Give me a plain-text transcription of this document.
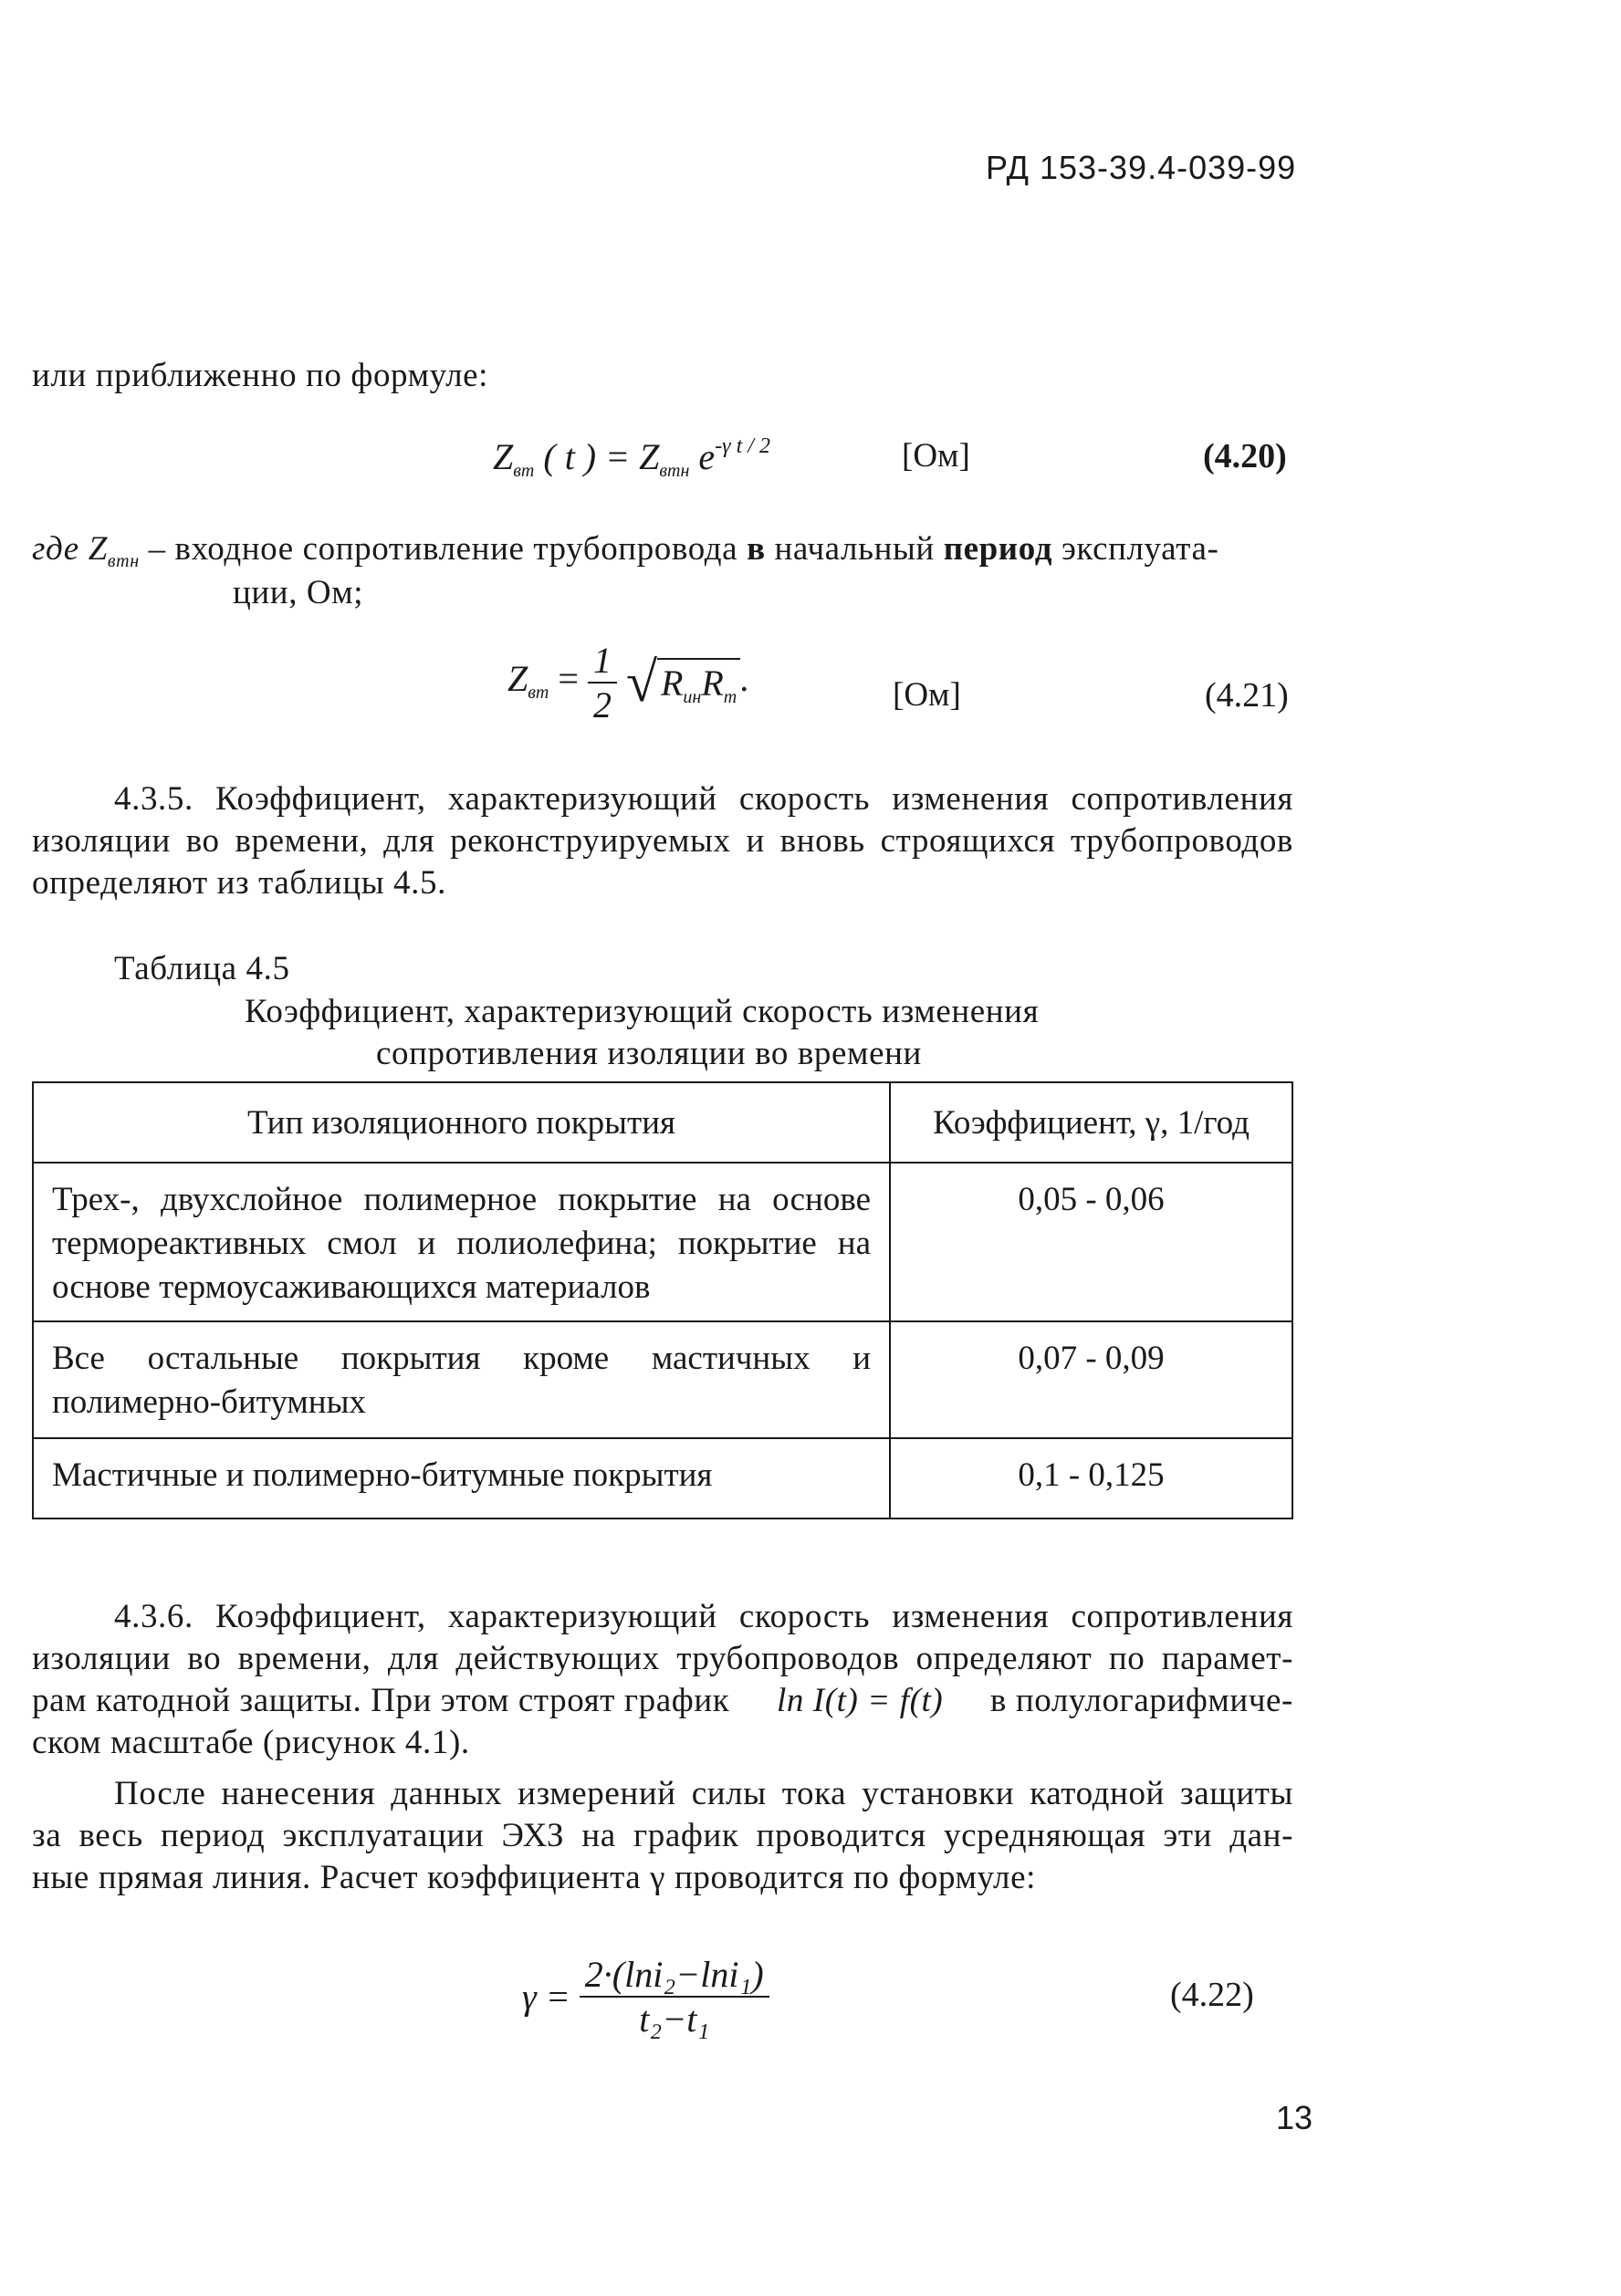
РД 153-39.4-039-99
или приближенно по формуле:
$Z_{вт}$ ( t ) = $Z_{втн}$ $e^{-\gamma t / 2}$	[Ом]	(4.20)
где $Z_{втн}$ – входное сопротивление трубопровода в начальный период эксплуата-
ции, Ом;
$Z_{вт} = \frac{1}{2}$ √ $R_{ин}R_т$ .	[Ом]	(4.21)
4.3.5. Коэффициент, характеризующий скорость изменения сопротивления
изоляции во времени, для реконструируемых и вновь строящихся трубопроводов
определяют из таблицы 4.5.
Таблица 4.5
Коэффициент, характеризующий скорость изменения
сопротивления изоляции во времени
Тип изоляционного покрытия	Коэффициент, γ, 1/год
Трех-, двухслойное полимерное покрытие на основе термореактивных смол и полиолефина; покрытие на основе термоусаживающихся материалов	0,05 - 0,06
Все остальные покрытия кроме мастичных и полимерно-битумных	0,07 - 0,09
Мастичные и полимерно-битумные покрытия	0,1 - 0,125
4.3.6. Коэффициент, характеризующий скорость изменения сопротивления
изоляции во времени, для действующих трубопроводов определяют по парамет-
рам катодной защиты. При этом строят график ln I(t) = f(t) в полулогарифмиче-
ском масштабе (рисунок 4.1).
После нанесения данных измерений силы тока установки катодной защиты
за весь период эксплуатации ЭХЗ на график проводится усредняющая эти дан-
ные прямая линия. Расчет коэффициента γ проводится по формуле:
$\gamma = \frac{\text{2·(lni₂−lni₁)}}{\text{t₂−t₁}}$	(4.22)
13
